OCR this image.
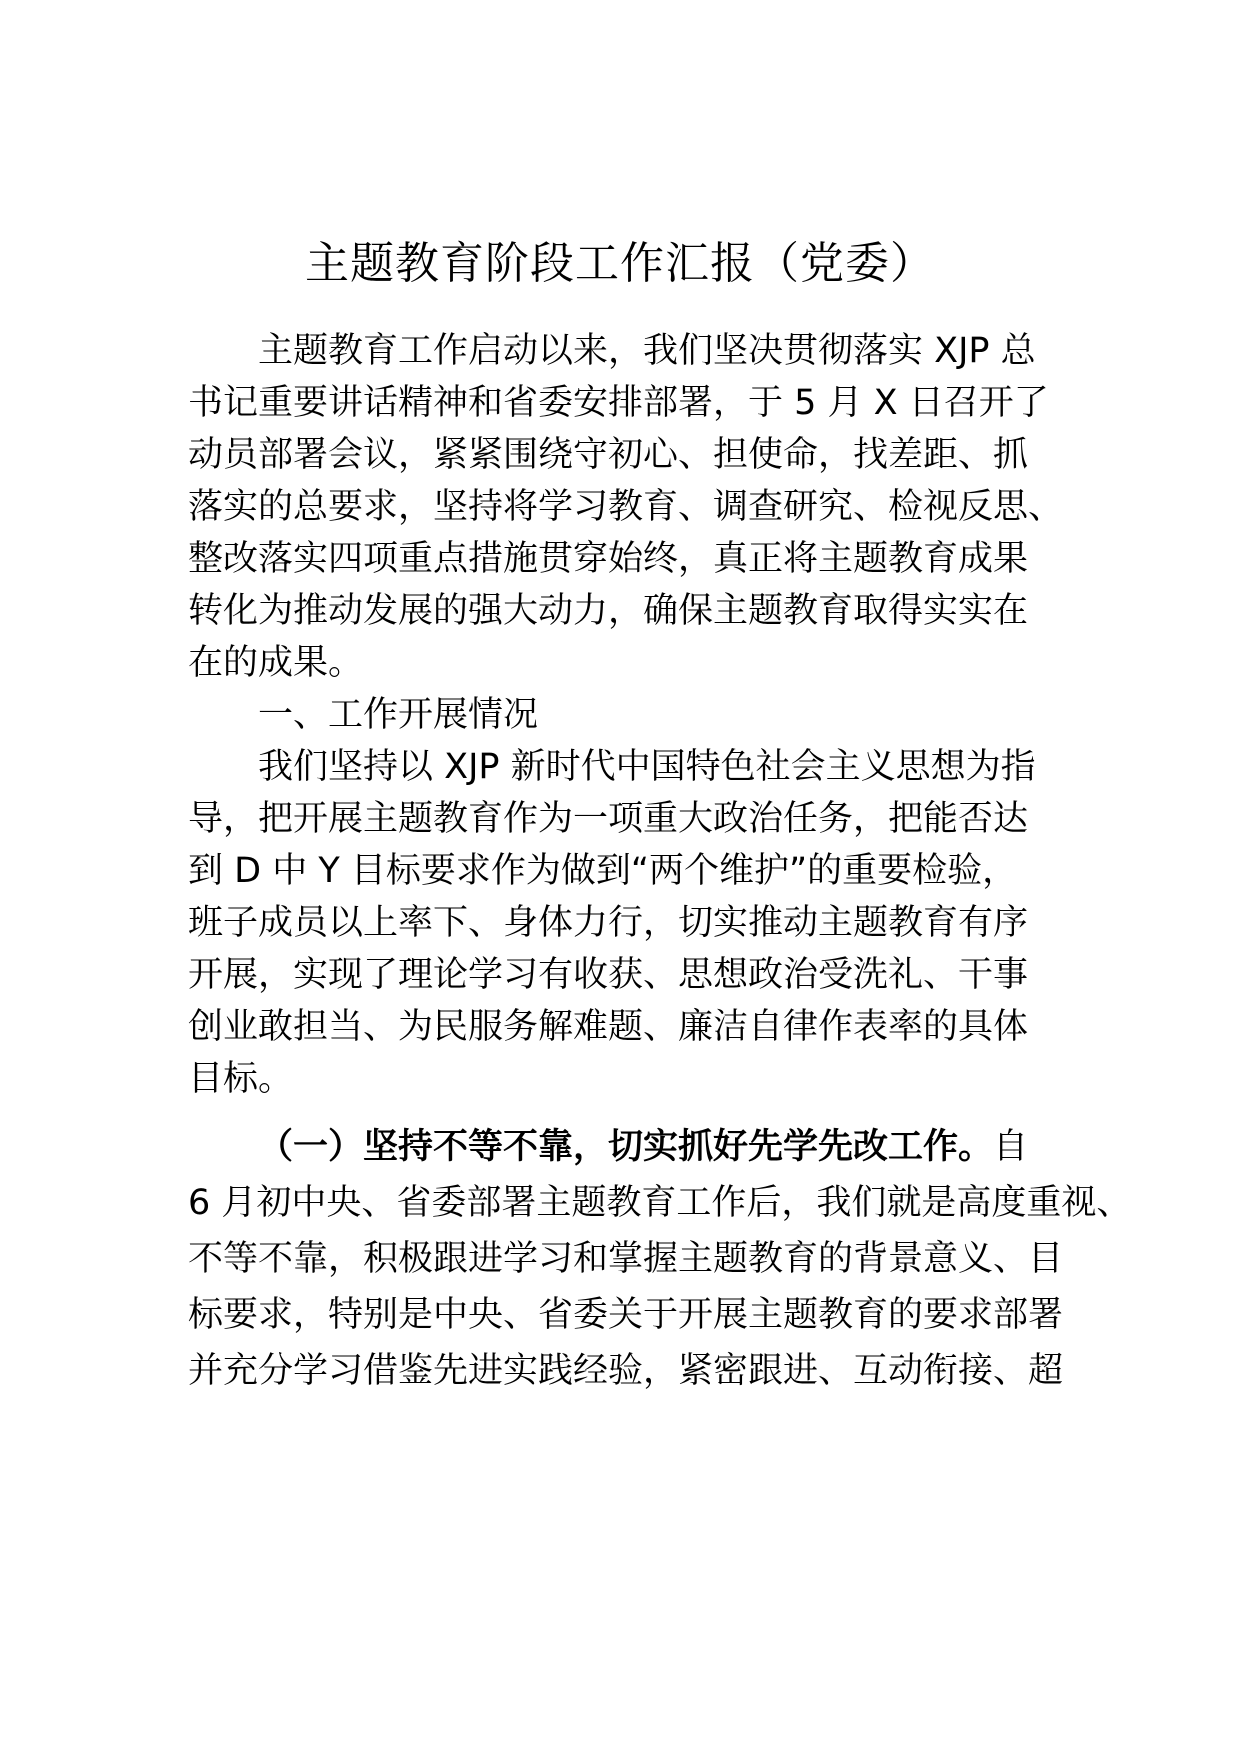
主题教育阶段工作汇报（党委）
主题教育工作启动以来，我们坚决贯彻落实 XJP 总
书记重要讲话精神和省委安排部署，于 5 月 X 日召开了
动员部署会议，紧紧围绕守初心、担使命，找差距、抓
落实的总要求，坚持将学习教育、调查研究、检视反思、
整改落实四项重点措施贯穿始终，真正将主题教育成果
转化为推动发展的强大动力，确保主题教育取得实实在
在的成果。
一、工作开展情况
我们坚持以 XJP 新时代中国特色社会主义思想为指
导，把开展主题教育作为一项重大政治任务，把能否达
到 D 中 Y 目标要求作为做到“两个维护”的重要检验，
班子成员以上率下、身体力行，切实推动主题教育有序
开展，实现了理论学习有收获、思想政治受洗礼、干事
创业敢担当、为民服务解难题、廉洁自律作表率的具体
目标。
（一）坚持不等不靠，切实抓好先学先改工作。自
6 月初中央、省委部署主题教育工作后，我们就是高度重视、
不等不靠，积极跟进学习和掌握主题教育的背景意义、目
标要求，特别是中央、省委关于开展主题教育的要求部署
并充分学习借鉴先进实践经验，紧密跟进、互动衔接、超
